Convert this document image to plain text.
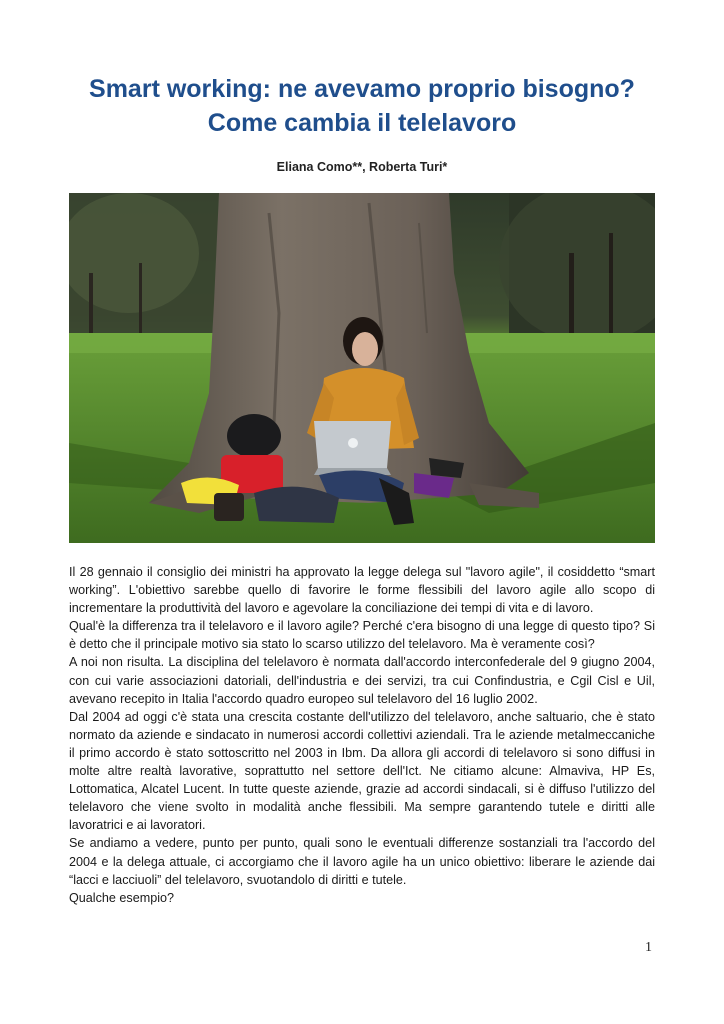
Smart working: ne avevamo proprio bisogno?
Come cambia il telelavoro
Eliana Como**, Roberta Turi*

Il 28 gennaio il consiglio dei ministri ha approvato la legge delega sul "lavoro agile", il cosiddetto “smart working”. L'obiettivo sarebbe quello di favorire le forme flessibili del lavoro agile allo scopo di incrementare la produttività del lavoro e agevolare la conciliazione dei tempi di vita e di lavoro.

Qual'è la differenza tra il telelavoro e il lavoro agile? Perché c'era bisogno di una legge di questo tipo? Si è detto che il principale motivo sia stato lo scarso utilizzo del telelavoro. Ma è veramente così?

A noi non risulta. La disciplina del telelavoro è normata dall'accordo interconfederale del 9 giugno 2004, con cui varie associazioni datoriali, dell'industria e dei servizi, tra cui Confindustria, e Cgil Cisl e Uil, avevano recepito in Italia l'accordo quadro europeo sul telelavoro del 16 luglio 2002.

Dal 2004 ad oggi c'è stata una crescita costante dell'utilizzo del telelavoro, anche saltuario, che è stato normato da aziende e sindacato in numerosi accordi collettivi aziendali. Tra le aziende metalmeccaniche il primo accordo è stato sottoscritto nel 2003 in Ibm. Da allora gli accordi di telelavoro si sono diffusi in molte altre realtà lavorative, soprattutto nel settore dell'Ict. Ne citiamo alcune: Almaviva, HP Es, Lottomatica, Alcatel Lucent. In tutte queste aziende, grazie ad accordi sindacali, si è diffuso l'utilizzo del telelavoro che viene svolto in modalità anche flessibili. Ma sempre garantendo tutele e diritti alle lavoratrici e ai lavoratori.

Se andiamo a vedere, punto per punto, quali sono le eventuali differenze sostanziali tra l'accordo del 2004 e la delega attuale, ci accorgiamo che il lavoro agile ha un unico obiettivo: liberare le aziende dai “lacci e lacciuoli” del telelavoro, svuotandolo di diritti e tutele.

Qualche esempio?

1
